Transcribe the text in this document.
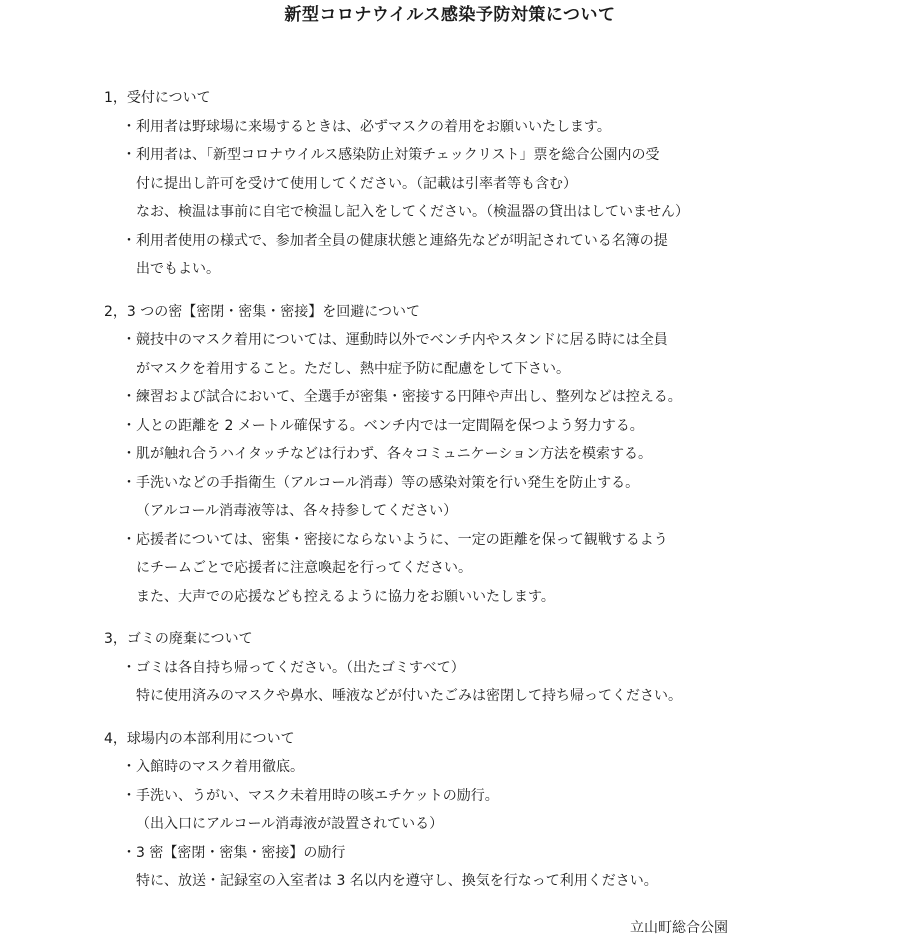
新型コロナウイルス感染予防対策について
1，受付について
・ 利用者は野球場に来場するときは、必ずマスクの着用をお願いいたします。
・ 利用者は、「新型コロナウイルス感染防止対策チェックリスト」票を総合公園内の受
付に提出し許可を受けて使用してください。（記載は引率者等も含む）
なお、検温は事前に自宅で検温し記入をしてください。（検温器の貸出はしていません）
・ 利用者使用の様式で、参加者全員の健康状態と連絡先などが明記されている名簿の提
出でもよい。
2，3 つの密【密閉・密集・密接】を回避について
・ 競技中のマスク着用については、運動時以外でベンチ内やスタンドに居る時には全員
がマスクを着用すること。ただし、熱中症予防に配慮をして下さい。
・ 練習および試合において、全選手が密集・密接する円陣や声出し、整列などは控える。
・ 人との距離を 2 メートル確保する。ベンチ内では一定間隔を保つよう努力する。
・ 肌が触れ合うハイタッチなどは行わず、各々コミュニケーション方法を模索する。
・ 手洗いなどの手指衛生（アルコール消毒）等の感染対策を行い発生を防止する。
（アルコール消毒液等は、各々持参してください）
・ 応援者については、密集・密接にならないように、一定の距離を保って観戦するよう
にチームごとで応援者に注意喚起を行ってください。
また、大声での応援なども控えるように協力をお願いいたします。
3，ゴミの廃棄について
・ ゴミは各自持ち帰ってください。（出たゴミすべて）
特に使用済みのマスクや鼻水、唾液などが付いたごみは密閉して持ち帰ってください。
4，球場内の本部利用について
・ 入館時のマスク着用徹底。
・ 手洗い、うがい、マスク未着用時の咳エチケットの励行。
（出入口にアルコール消毒液が設置されている）
・ 3 密【密閉・密集・密接】の励行
特に、放送・記録室の入室者は 3 名以内を遵守し、換気を行なって利用ください。
立山町総合公園
